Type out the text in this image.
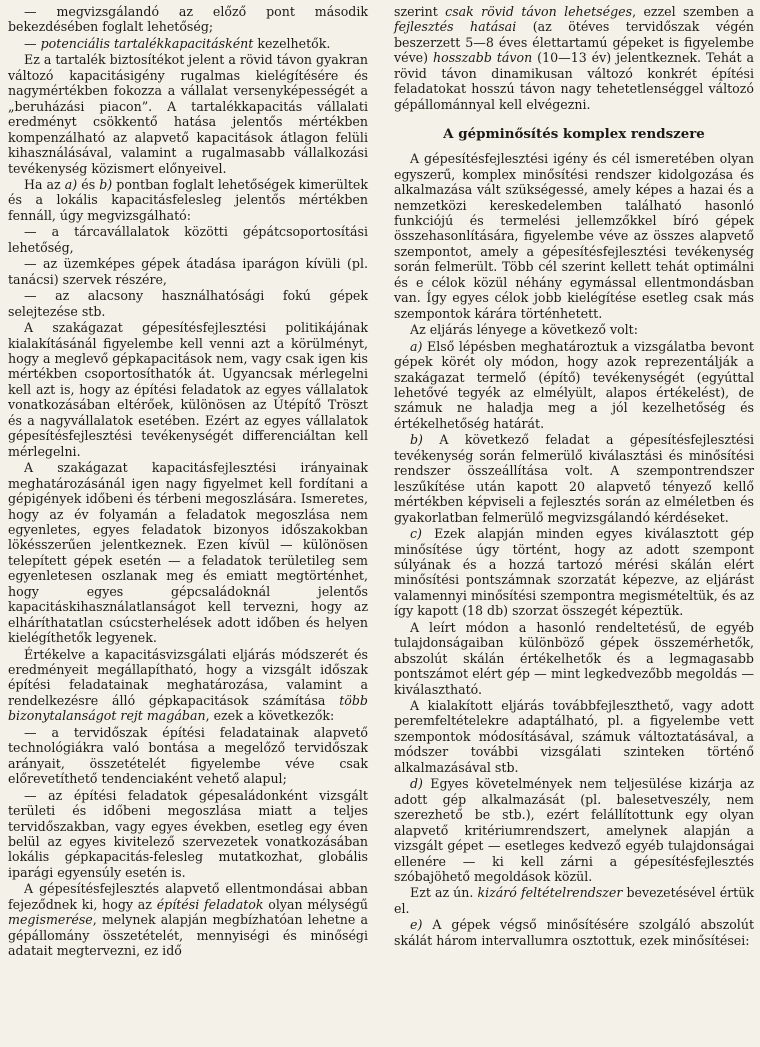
— megvizsgálandó az előző pont második bekezdésében foglalt lehetőség;

— potenciális tartalékkapacitásként kezelhetők.

Ez a tartalék biztosítékot jelent a rövid távon gyakran változó kapacitásigény rugalmas kielégítésére és nagymértékben fokozza a vállalat versenyképességét a „beruházási piacon”. A tartalékkapacitás vállalati eredményt csökkentő hatása jelentős mértékben kompenzálható az alapvető kapacitások átlagon felüli kihasználásával, valamint a rugalmasabb vállalkozási tevékenység közismert előnyeivel.

Ha az a) és b) pontban foglalt lehetőségek kimerültek és a lokális kapacitásfelesleg jelentős mértékben fennáll, úgy megvizsgálható:

— a tárcavállalatok közötti gépátcsoportosítási lehetőség,

— az üzemképes gépek átadása iparágon kívüli (pl. tanácsi) szervek részére,

— az alacsony használhatósági fokú gépek selejtezése stb.

A szakágazat gépesítésfejlesztési politikájának kialakításánál figyelembe kell venni azt a körülményt, hogy a meglevő gépkapacitások nem, vagy csak igen kis mértékben csoportosíthatók át. Ugyancsak mérlegelni kell azt is, hogy az építési feladatok az egyes vállalatok vonatkozásában eltérőek, különösen az Útépítő Tröszt és a nagyvállalatok esetében. Ezért az egyes vállalatok gépesítésfejlesztési tevékenységét differenciáltan kell mérlegelni.

A szakágazat kapacitásfejlesztési irányainak meghatározásánál igen nagy figyelmet kell fordítani a gépigények időbeni és térbeni megoszlására. Ismeretes, hogy az év folyamán a feladatok megoszlása nem egyenletes, egyes feladatok bizonyos időszakokban lökésszerűen jelentkeznek. Ezen kívül — különösen telepített gépek esetén — a feladatok területileg sem egyenletesen oszlanak meg és emiatt megtörténhet, hogy egyes gépcsaládoknál jelentős kapacitáskihasználatlanságot kell tervezni, hogy az elháríthatatlan csúcsterhelések adott időben és helyen kielégíthetők legyenek.

Értékelve a kapacitásvizsgálati eljárás módszerét és eredményeit megállapítható, hogy a vizsgált időszak építési feladatainak meghatározása, valamint a rendelkezésre álló gépkapacitások számítása több bizonytalanságot rejt magában, ezek a következők:

— a tervidőszak építési feladatainak alapvető technológiákra való bontása a megelőző tervidőszak arányait, összetételét figyelembe véve csak előrevetíthető tendenciaként vehető alapul;

— az építési feladatok gépesaládonként vizsgált területi és időbeni megoszlása miatt a teljes tervidőszakban, vagy egyes években, esetleg egy éven belül az egyes kivitelező szervezetek vonatkozásában lokális gépkapacitás-felesleg mutatkozhat, globális iparági egyensúly esetén is.

A gépesítésfejlesztés alapvető ellentmondásai abban fejeződnek ki, hogy az építési feladatok olyan mélységű megismerése, melynek alapján megbízhatóan lehetne a gépállomány összetételét, mennyiségi és minőségi adatait megtervezni, ez idő

szerint csak rövid távon lehetséges, ezzel szemben a fejlesztés hatásai (az ötéves tervidőszak végén beszerzett 5—8 éves élettartamú gépeket is figyelembe véve) hosszabb távon (10—13 év) jelentkeznek. Tehát a rövid távon dinamikusan változó konkrét építési feladatokat hosszú távon nagy tehetetlenséggel változó gépállománnyal kell elvégezni.

A gépminősítés komplex rendszere

A gépesítésfejlesztési igény és cél ismeretében olyan egyszerű, komplex minősítési rendszer kidolgozása és alkalmazása vált szükségessé, amely képes a hazai és a nemzetközi kereskedelemben található hasonló funkciójú és termelési jellemzőkkel bíró gépek összehasonlítására, figyelembe véve az összes alapvető szempontot, amely a gépesítésfejlesztési tevékenység során felmerült. Több cél szerint kellett tehát optimálni és e célok közül néhány egymással ellentmondásban van. Így egyes célok jobb kielégítése esetleg csak más szempontok kárára történhetett.

Az eljárás lényege a következő volt:

a) Első lépésben meghatároztuk a vizsgálatba bevont gépek körét oly módon, hogy azok reprezentálják a szakágazat termelő (építő) tevékenységét (egyúttal lehetővé tegyék az elmélyült, alapos értékelést), de számuk ne haladja meg a jól kezelhetőség és értékelhetőség határát.

b) A következő feladat a gépesítésfejlesztési tevékenység során felmerülő kiválasztási és minősítési rendszer összeállítása volt. A szempontrendszer leszűkítése után kapott 20 alapvető tényező kellő mértékben képviseli a fejlesztés során az elméletben és gyakorlatban felmerülő megvizsgálandó kérdéseket.

c) Ezek alapján minden egyes kiválasztott gép minősítése úgy történt, hogy az adott szempont súlyának és a hozzá tartozó mérési skálán elért minősítési pontszámnak szorzatát képezve, az eljárást valamennyi minősítési szempontra megismételtük, és az így kapott (18 db) szorzat összegét képeztük.

A leírt módon a hasonló rendeltetésű, de egyéb tulajdonságaiban különböző gépek összemérhetők, abszolút skálán értékelhetők és a legmagasabb pontszámot elért gép — mint legkedvezőbb megoldás — kiválasztható.

A kialakított eljárás továbbfejleszthető, vagy adott peremfeltételekre adaptálható, pl. a figyelembe vett szempontok módosításával, számuk változtatásával, a módszer további vizsgálati szinteken történő alkalmazásával stb.

d) Egyes követelmények nem teljesülése kizárja az adott gép alkalmazását (pl. balesetveszély, nem szerezhető be stb.), ezért felállítottunk egy olyan alapvető kritériumrendszert, amelynek alapján a vizsgált gépet — esetleges kedvező egyéb tulajdonságai ellenére — ki kell zárni a gépesítésfejlesztés szóbajöhető megoldások közül.

Ezt az ún. kizáró feltételrendszer bevezetésével értük el.

e) A gépek végső minősítésére szolgáló abszolút skálát három intervallumra osztottuk, ezek minősítései:
